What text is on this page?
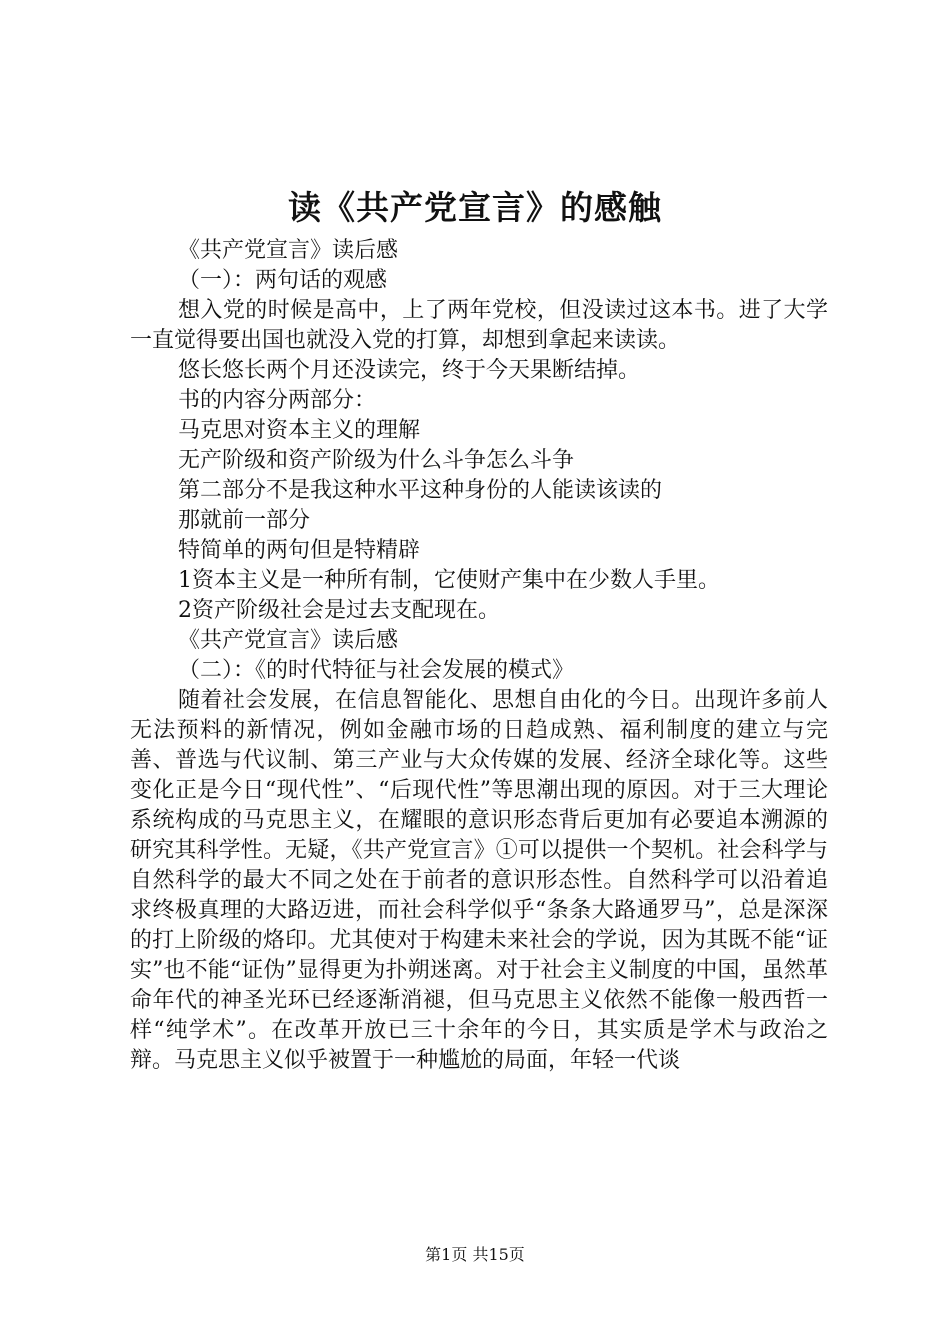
读《共产党宣言》的感触

《共产党宣言》读后感

（一）：两句话的观感

想入党的时候是高中，上了两年党校，但没读过这本书。进了大学一直觉得要出国也就没入党的打算，却想到拿起来读读。

悠长悠长两个月还没读完，终于今天果断结掉。

书的内容分两部分：

马克思对资本主义的理解

无产阶级和资产阶级为什么斗争怎么斗争

第二部分不是我这种水平这种身份的人能读该读的

那就前一部分

特简单的两句但是特精辟

1资本主义是一种所有制，它使财产集中在少数人手里。

2资产阶级社会是过去支配现在。

《共产党宣言》读后感

（二）：《的时代特征与社会发展的模式》

随着社会发展，在信息智能化、思想自由化的今日。出现许多前人无法预料的新情况，例如金融市场的日趋成熟、福利制度的建立与完善、普选与代议制、第三产业与大众传媒的发展、经济全球化等。这些变化正是今日“现代性”、“后现代性”等思潮出现的原因。对于三大理论系统构成的马克思主义，在耀眼的意识形态背后更加有必要追本溯源的研究其科学性。无疑，《共产党宣言》①可以提供一个契机。社会科学与自然科学的最大不同之处在于前者的意识形态性。自然科学可以沿着追求终极真理的大路迈进，而社会科学似乎“条条大路通罗马”，总是深深的打上阶级的烙印。尤其使对于构建未来社会的学说，因为其既不能“证实”也不能“证伪”显得更为扑朔迷离。对于社会主义制度的中国，虽然革命年代的神圣光环已经逐渐消褪，但马克思主义依然不能像一般西哲一样“纯学术”。在改革开放已三十余年的今日，其实质是学术与政治之辩。马克思主义似乎被置于一种尴尬的局面，年轻一代谈

第1页 共15页
